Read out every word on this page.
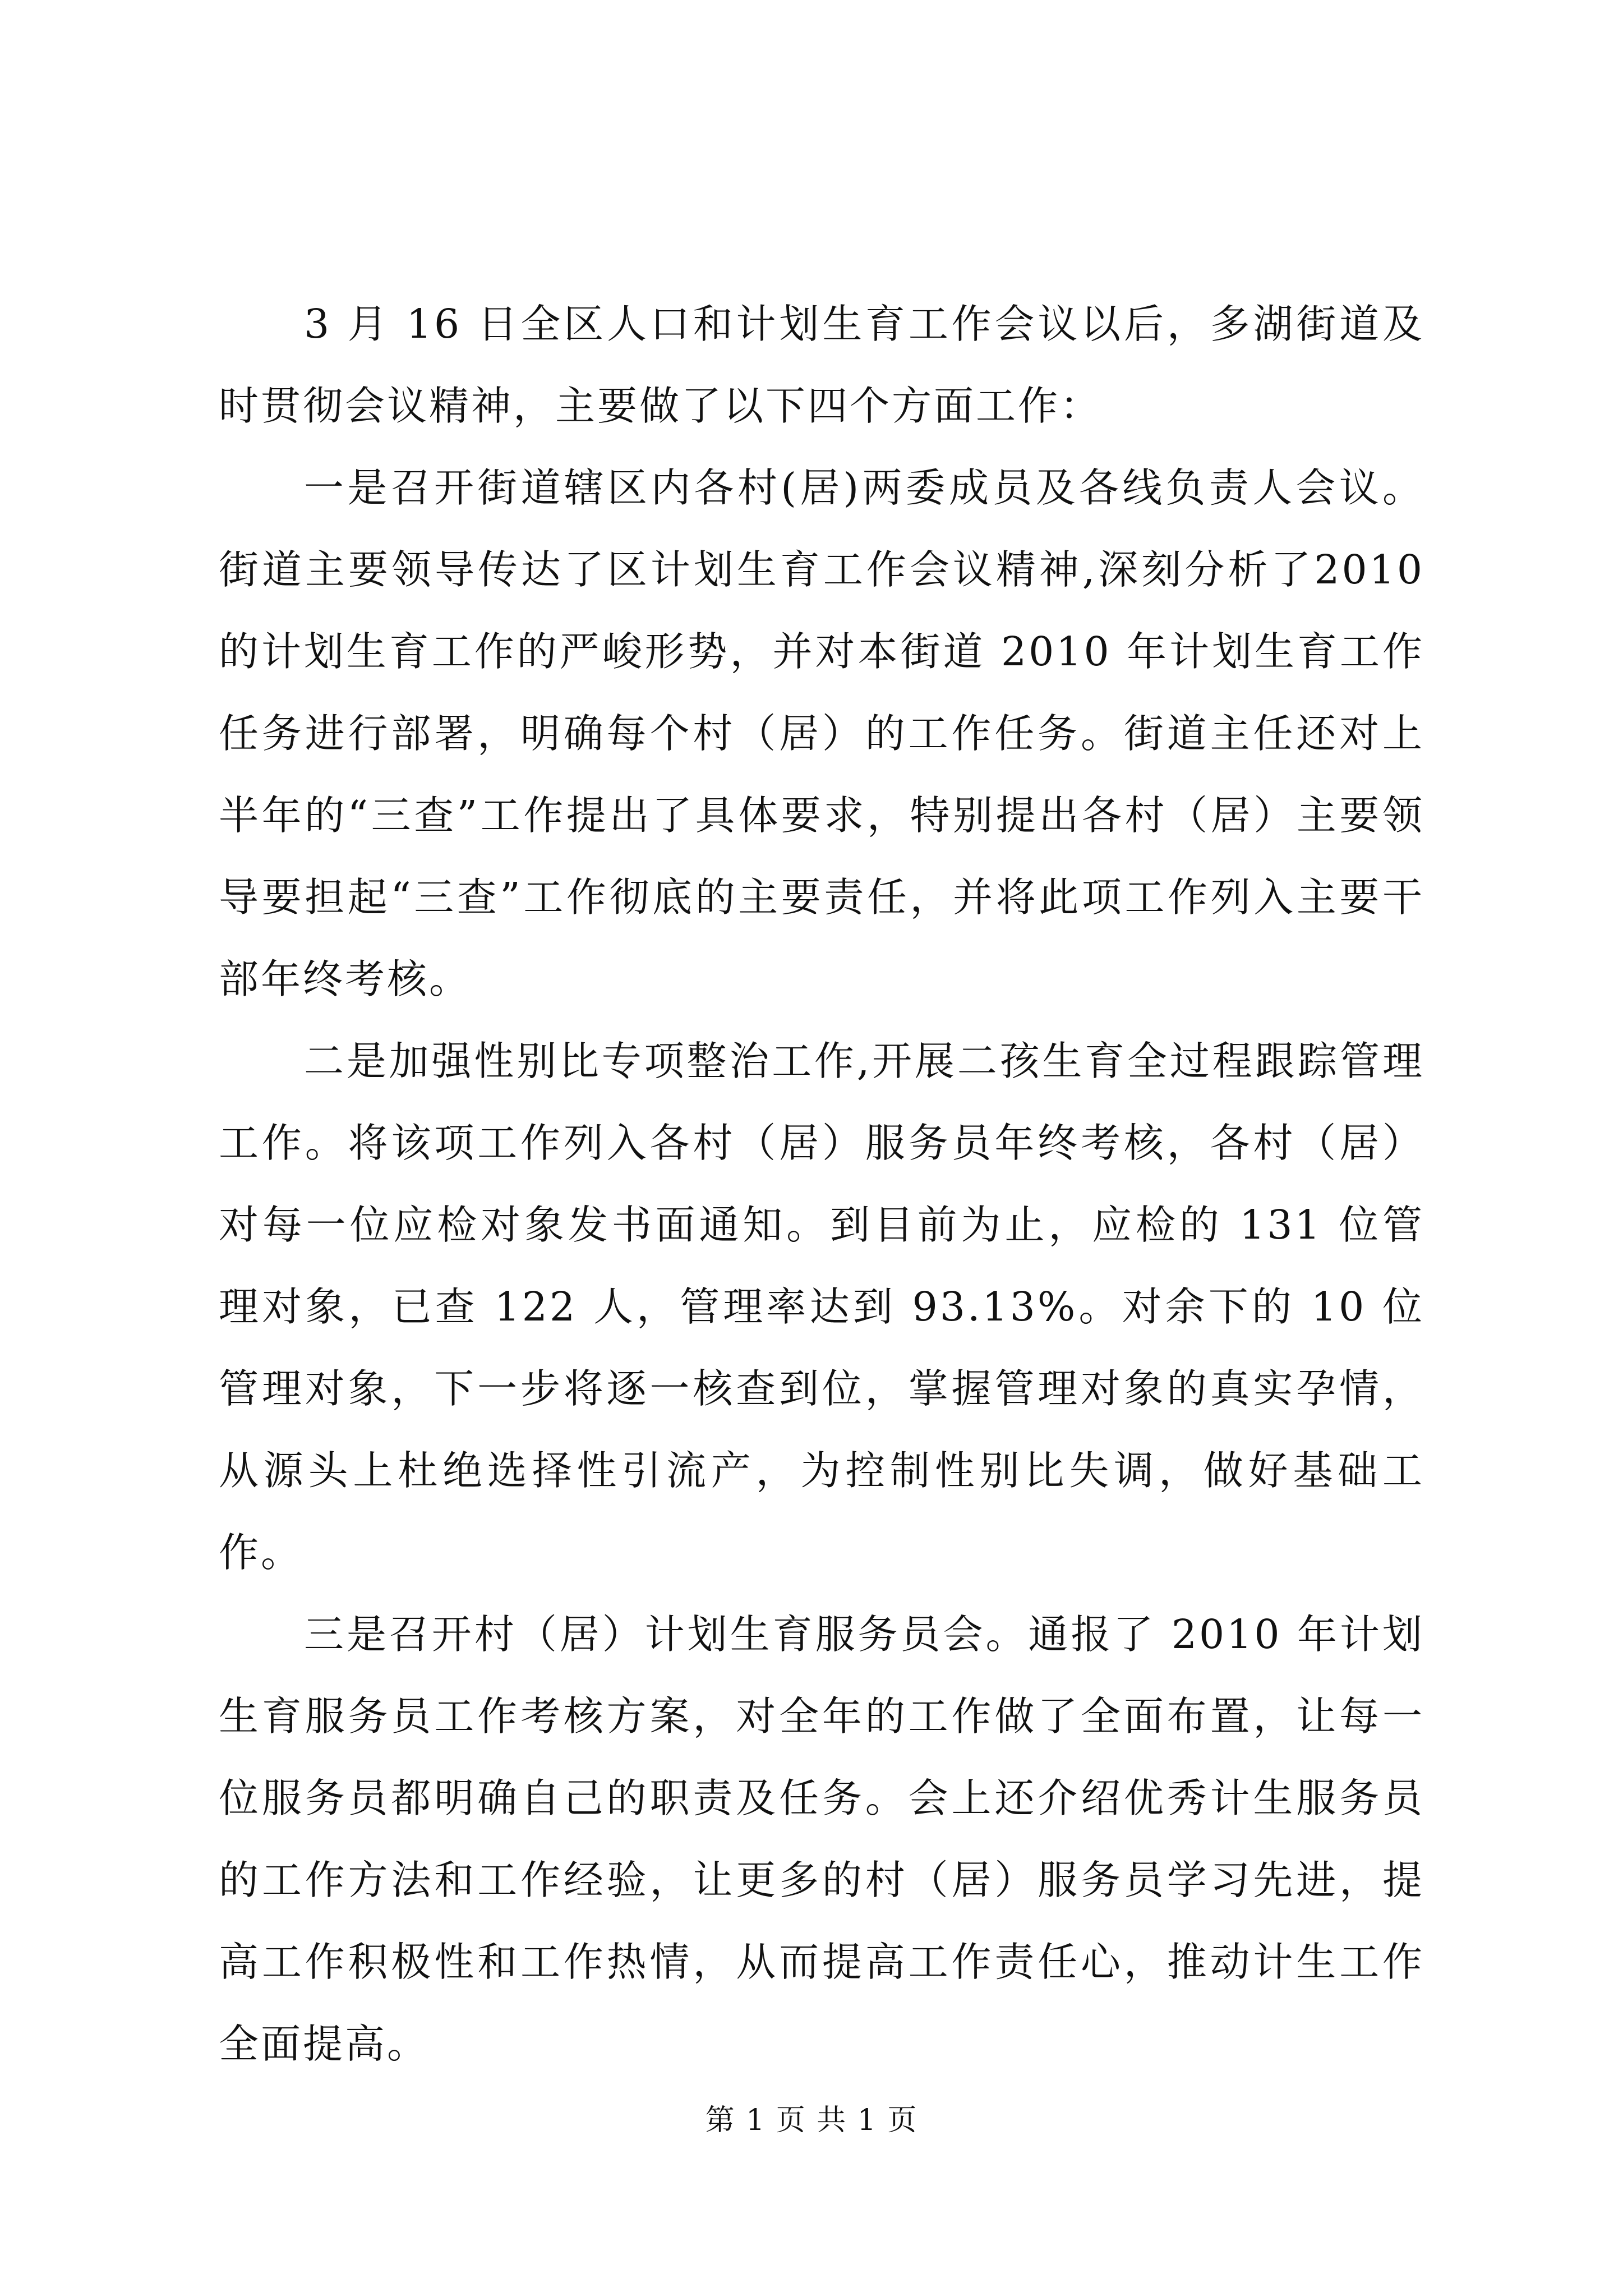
3 月 16 日全区人口和计划生育工作会议以后，多湖街道及时贯彻会议精神，主要做了以下四个方面工作：

一是召开街道辖区内各村(居)两委成员及各线负责人会议。街道主要领导传达了区计划生育工作会议精神,深刻分析了2010的计划生育工作的严峻形势，并对本街道 2010 年计划生育工作任务进行部署，明确每个村（居）的工作任务。街道主任还对上半年的“三查”工作提出了具体要求，特别提出各村（居）主要领导要担起“三查”工作彻底的主要责任，并将此项工作列入主要干部年终考核。

二是加强性别比专项整治工作,开展二孩生育全过程跟踪管理工作。将该项工作列入各村（居）服务员年终考核，各村（居）对每一位应检对象发书面通知。到目前为止，应检的 131 位管理对象，已查 122 人，管理率达到 93.13%。对余下的 10 位管理对象，下一步将逐一核查到位，掌握管理对象的真实孕情，从源头上杜绝选择性引流产，为控制性别比失调，做好基础工作。

三是召开村（居）计划生育服务员会。通报了 2010 年计划生育服务员工作考核方案，对全年的工作做了全面布置，让每一位服务员都明确自己的职责及任务。会上还介绍优秀计生服务员的工作方法和工作经验，让更多的村（居）服务员学习先进，提高工作积极性和工作热情，从而提高工作责任心，推动计生工作全面提高。

第 1 页 共 1 页
